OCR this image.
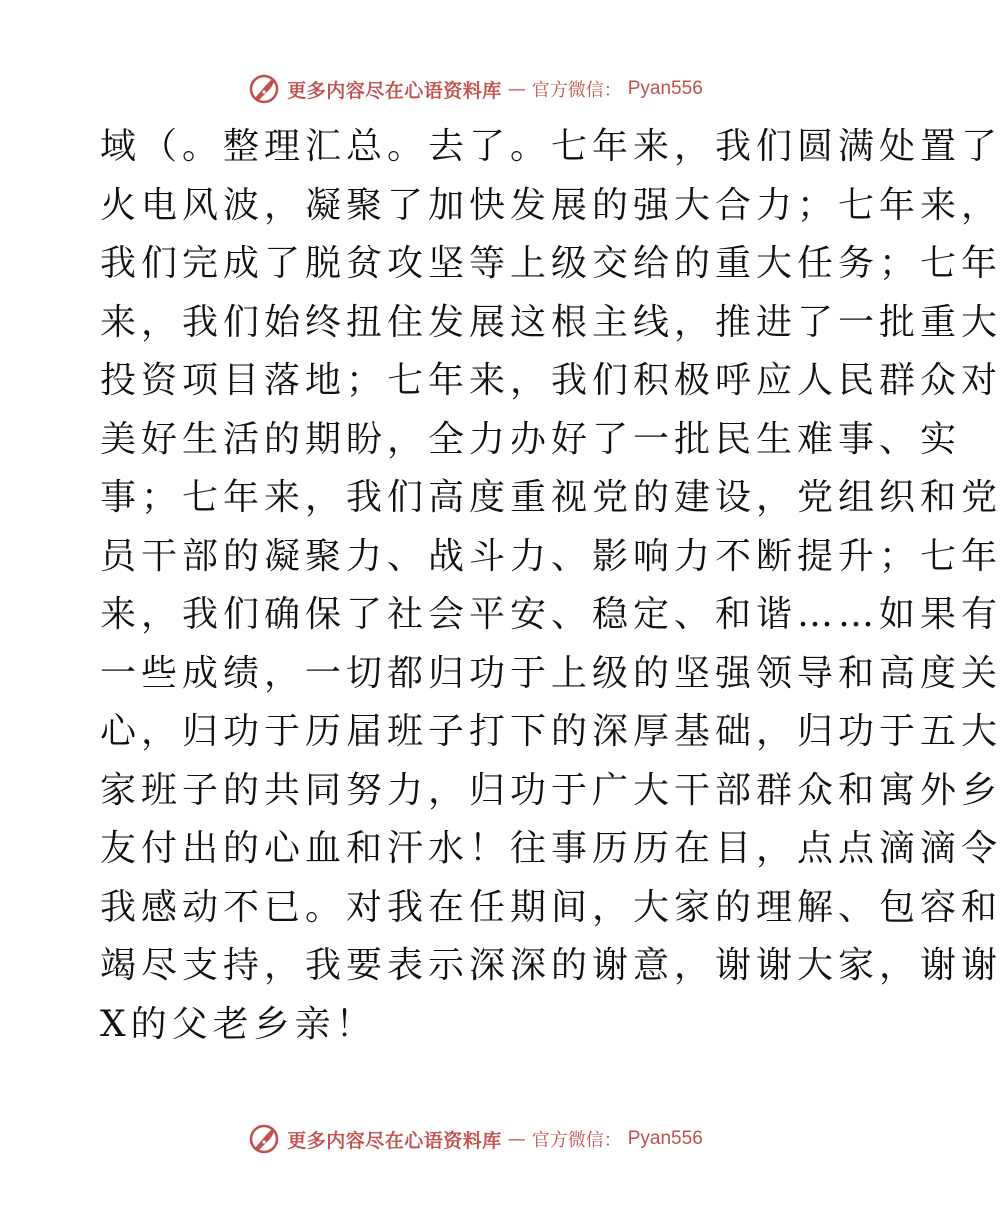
更多内容尽在心语资料库 — 官方微信： Pyan556
域（。整理汇总。去了。七年来，我们圆满处置了
火电风波，凝聚了加快发展的强大合力；七年来，
我们完成了脱贫攻坚等上级交给的重大任务；七年
来，我们始终扭住发展这根主线，推进了一批重大
投资项目落地；七年来，我们积极呼应人民群众对
美好生活的期盼，全力办好了一批民生难事、实
事；七年来，我们高度重视党的建设，党组织和党
员干部的凝聚力、战斗力、影响力不断提升；七年
来，我们确保了社会平安、稳定、和谐……如果有
一些成绩，一切都归功于上级的坚强领导和高度关
心，归功于历届班子打下的深厚基础，归功于五大
家班子的共同努力，归功于广大干部群众和寓外乡
友付出的心血和汗水！往事历历在目，点点滴滴令
我感动不已。对我在任期间，大家的理解、包容和
竭尽支持，我要表示深深的谢意，谢谢大家，谢谢
X的父老乡亲！
更多内容尽在心语资料库 — 官方微信： Pyan556
